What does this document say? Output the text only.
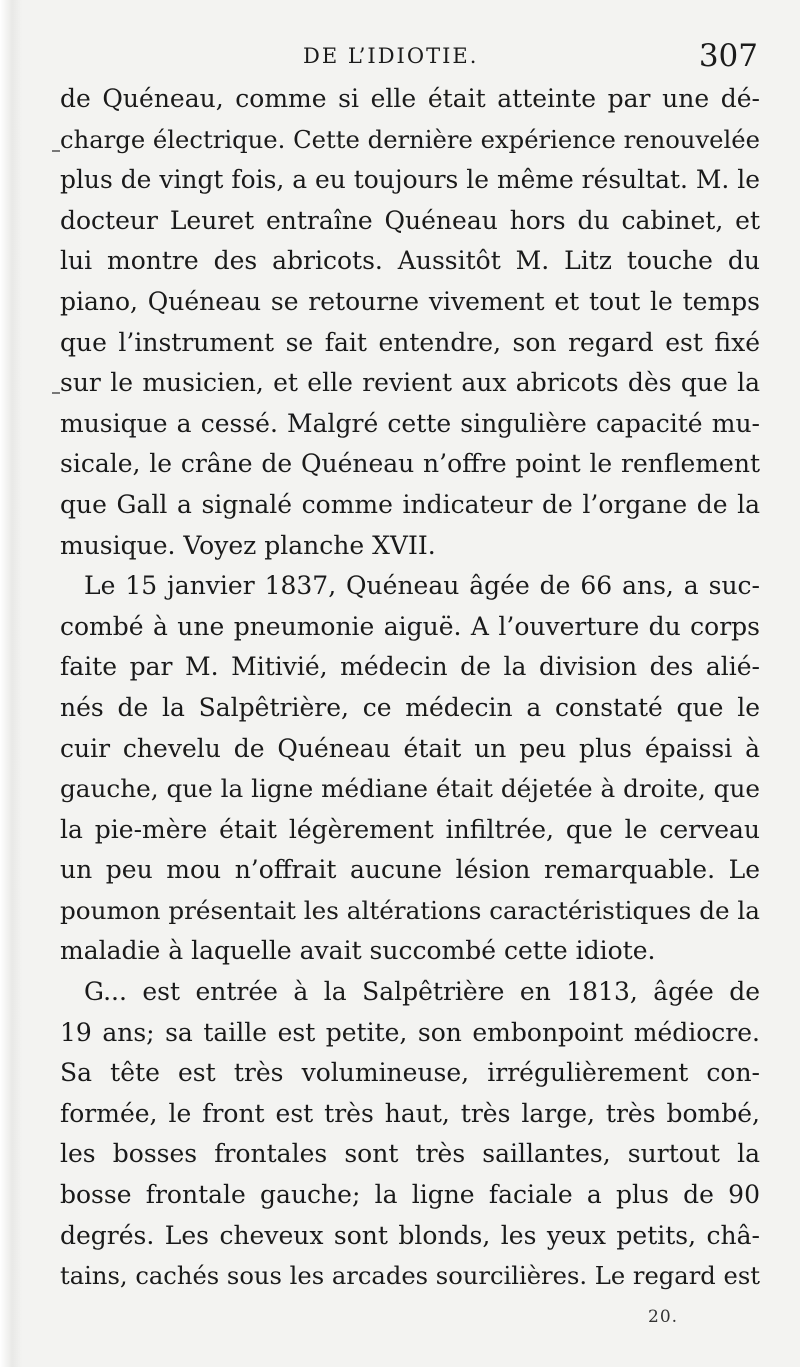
DE L’IDIOTIE.	307
de Quéneau, comme si elle était atteinte par une dé-
charge électrique. Cette dernière expérience renouvelée
plus de vingt fois, a eu toujours le même résultat. M. le
docteur Leuret entraîne Quéneau hors du cabinet, et
lui montre des abricots. Aussitôt M. Litz touche du
piano, Quéneau se retourne vivement et tout le temps
que l’instrument se fait entendre, son regard est fixé
sur le musicien, et elle revient aux abricots dès que la
musique a cessé. Malgré cette singulière capacité mu-
sicale, le crâne de Quéneau n’offre point le renflement
que Gall a signalé comme indicateur de l’organe de la
musique. Voyez planche XVII.
Le 15 janvier 1837, Quéneau âgée de 66 ans, a suc-
combé à une pneumonie aiguë. A l’ouverture du corps
faite par M. Mitivié, médecin de la division des alié-
nés de la Salpêtrière, ce médecin a constaté que le
cuir chevelu de Quéneau était un peu plus épaissi à
gauche, que la ligne médiane était déjetée à droite, que
la pie-mère était légèrement infiltrée, que le cerveau
un peu mou n’offrait aucune lésion remarquable. Le
poumon présentait les altérations caractéristiques de la
maladie à laquelle avait succombé cette idiote.
G... est entrée à la Salpêtrière en 1813, âgée de
19 ans; sa taille est petite, son embonpoint médiocre.
Sa tête est très volumineuse, irrégulièrement con-
formée, le front est très haut, très large, très bombé,
les bosses frontales sont très saillantes, surtout la
bosse frontale gauche; la ligne faciale a plus de 90
degrés. Les cheveux sont blonds, les yeux petits, châ-
tains, cachés sous les arcades sourcilières. Le regard est
20.
